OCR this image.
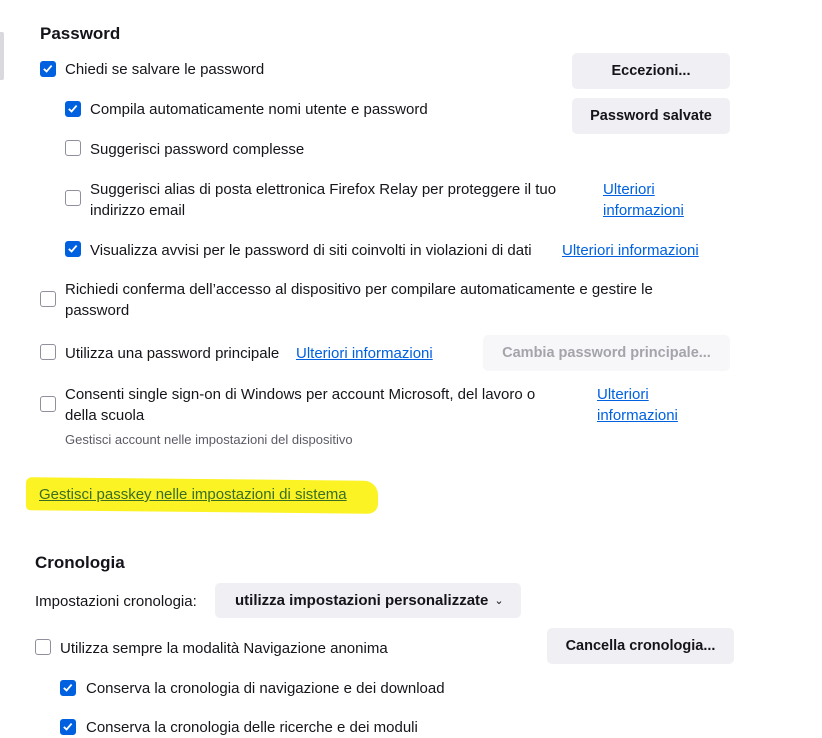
Password
Chiedi se salvare le password	Eccezioni...
Compila automaticamente nomi utente e password	Password salvate
Suggerisci password complesse
Suggerisci alias di posta elettronica Firefox Relay per proteggere il tuo
indirizzo email
Ulteriori
informazioni
Visualizza avvisi per le password di siti coinvolti in violazioni di dati Ulteriori informazioni
Richiedi conferma dell’accesso al dispositivo per compilare automaticamente e gestire le
password
Utilizza una password principale Ulteriori informazioni	Cambia password principale...
Consenti single sign-on di Windows per account Microsoft, del lavoro o
della scuola
Ulteriori
informazioni
Gestisci account nelle impostazioni del dispositivo
Gestisci passkey nelle impostazioni di sistema
Cronologia
Impostazioni cronologia:	utilizza impostazioni personalizzate ⌄
Utilizza sempre la modalità Navigazione anonima	Cancella cronologia...
Conserva la cronologia di navigazione e dei download
Conserva la cronologia delle ricerche e dei moduli
